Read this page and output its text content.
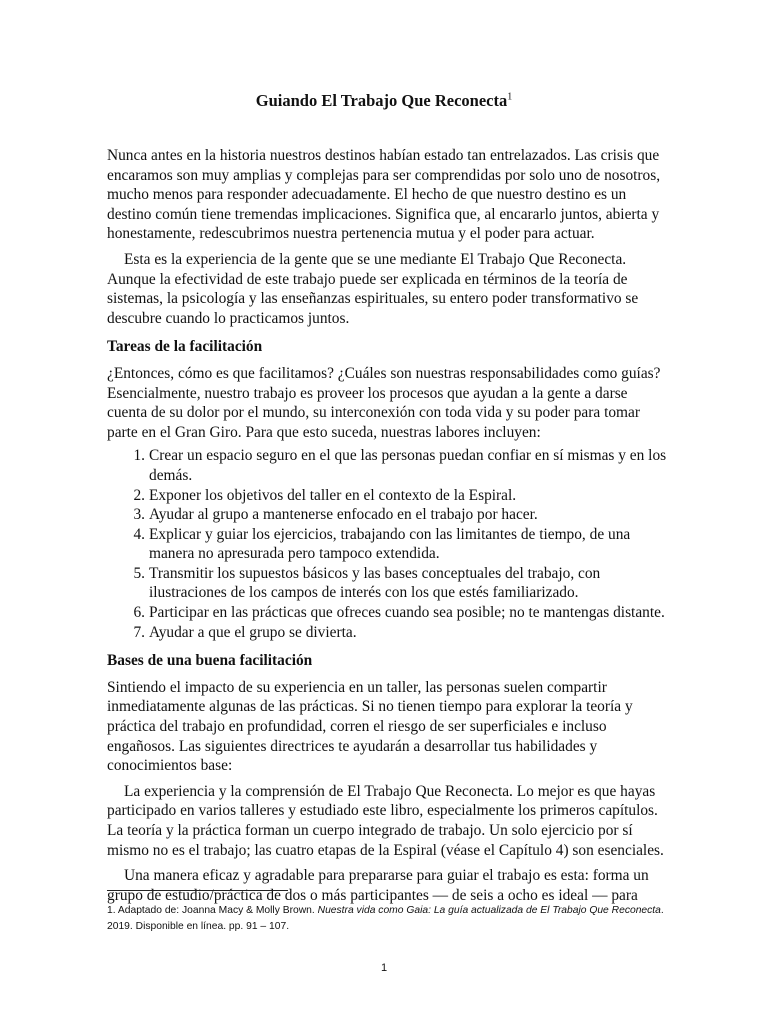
Guiando El Trabajo Que Reconecta$^1$

Nunca antes en la historia nuestros destinos habían estado tan entrelazados. Las crisis que encaramos son muy amplias y complejas para ser comprendidas por solo uno de nosotros, mucho menos para responder adecuadamente. El hecho de que nuestro destino es un destino común tiene tremendas implicaciones. Significa que, al encararlo juntos, abierta y honestamente, redescubrimos nuestra pertenencia mutua y el poder para actuar.

Esta es la experiencia de la gente que se une mediante El Trabajo Que Reconecta. Aunque la efectividad de este trabajo puede ser explicada en términos de la teoría de sistemas, la psicología y las enseñanzas espirituales, su entero poder transformativo se descubre cuando lo practicamos juntos.

Tareas de la facilitación

¿Entonces, cómo es que facilitamos? ¿Cuáles son nuestras responsabilidades como guías? Esencialmente, nuestro trabajo es proveer los procesos que ayudan a la gente a darse cuenta de su dolor por el mundo, su interconexión con toda vida y su poder para tomar parte en el Gran Giro. Para que esto suceda, nuestras labores incluyen:

1. Crear un espacio seguro en el que las personas puedan confiar en sí mismas y en los demás.
2. Exponer los objetivos del taller en el contexto de la Espiral.
3. Ayudar al grupo a mantenerse enfocado en el trabajo por hacer.
4. Explicar y guiar los ejercicios, trabajando con las limitantes de tiempo, de una manera no apresurada pero tampoco extendida.
5. Transmitir los supuestos básicos y las bases conceptuales del trabajo, con ilustraciones de los campos de interés con los que estés familiarizado.
6. Participar en las prácticas que ofreces cuando sea posible; no te mantengas distante.
7. Ayudar a que el grupo se divierta.
Bases de una buena facilitación

Sintiendo el impacto de su experiencia en un taller, las personas suelen compartir inmediatamente algunas de las prácticas. Si no tienen tiempo para explorar la teoría y práctica del trabajo en profundidad, corren el riesgo de ser superficiales e incluso engañosos. Las siguientes directrices te ayudarán a desarrollar tus habilidades y conocimientos base:

La experiencia y la comprensión de El Trabajo Que Reconecta. Lo mejor es que hayas participado en varios talleres y estudiado este libro, especialmente los primeros capítulos. La teoría y la práctica forman un cuerpo integrado de trabajo. Un solo ejercicio por sí mismo no es el trabajo; las cuatro etapas de la Espiral (véase el Capítulo 4) son esenciales.

Una manera eficaz y agradable para prepararse para guiar el trabajo es esta: forma un grupo de estudio/práctica de dos o más participantes — de seis a ocho es ideal — para

1. Adaptado de: Joanna Macy & Molly Brown. Nuestra vida como Gaia: La guía actualizada de El Trabajo Que Reconecta. 2019. Disponible en línea. pp. 91 – 107.
1
